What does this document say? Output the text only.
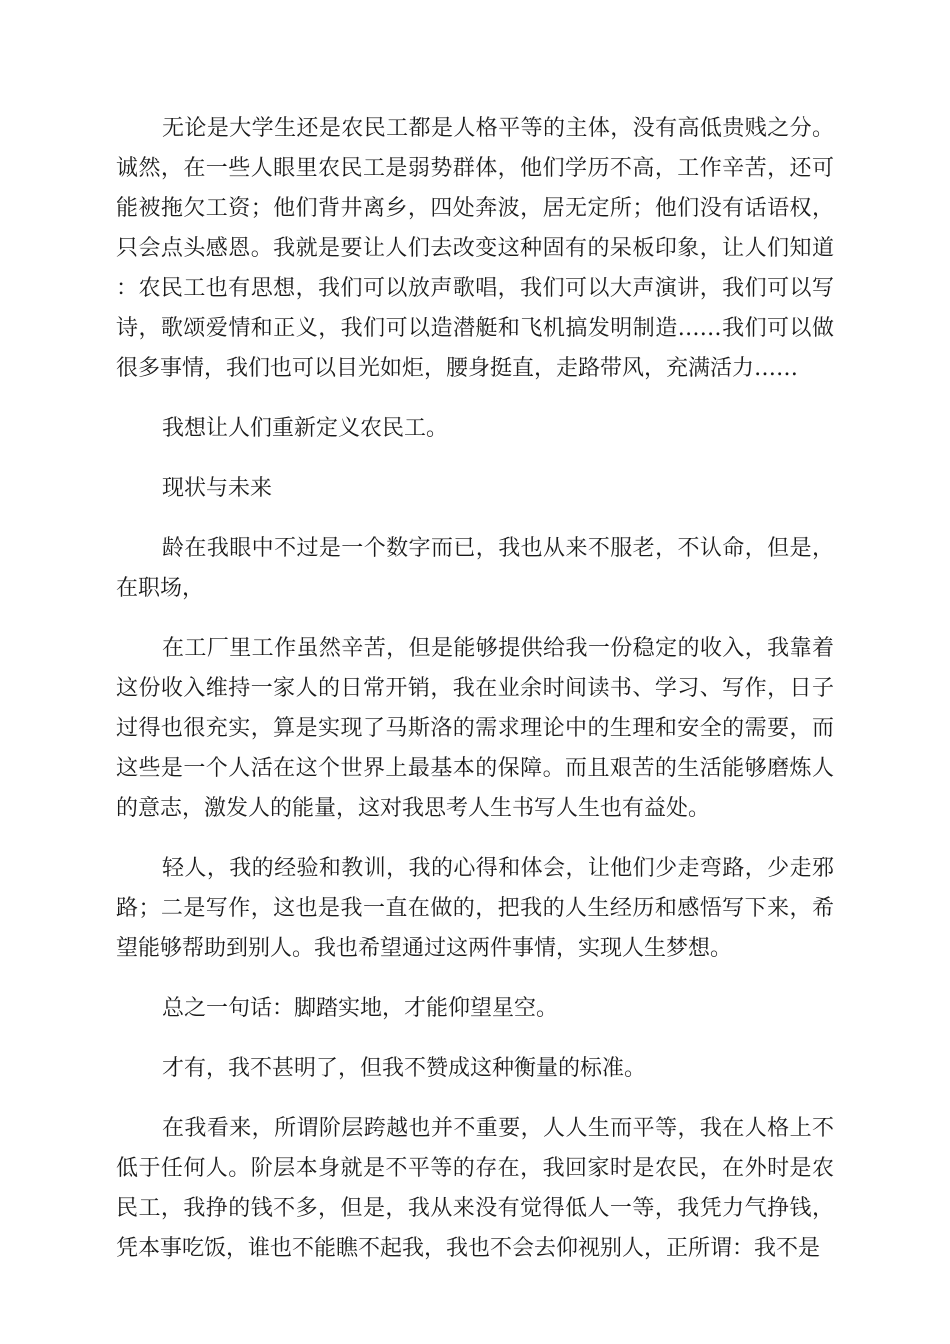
无论是大学生还是农民工都是人格平等的主体，没有高低贵贱之分。诚然，在一些人眼里农民工是弱势群体，他们学历不高，工作辛苦，还可能被拖欠工资；他们背井离乡，四处奔波，居无定所；他们没有话语权，只会点头感恩。我就是要让人们去改变这种固有的呆板印象，让人们知道：农民工也有思想，我们可以放声歌唱，我们可以大声演讲，我们可以写诗，歌颂爱情和正义，我们可以造潜艇和飞机搞发明制造……我们可以做很多事情，我们也可以目光如炬，腰身挺直，走路带风，充满活力……

我想让人们重新定义农民工。

现状与未来

龄在我眼中不过是一个数字而已，我也从来不服老，不认命，但是，在职场，

在工厂里工作虽然辛苦，但是能够提供给我一份稳定的收入，我靠着这份收入维持一家人的日常开销，我在业余时间读书、学习、写作，日子过得也很充实，算是实现了马斯洛的需求理论中的生理和安全的需要，而这些是一个人活在这个世界上最基本的保障。而且艰苦的生活能够磨炼人的意志，激发人的能量，这对我思考人生书写人生也有益处。

轻人，我的经验和教训，我的心得和体会，让他们少走弯路，少走邪路；二是写作，这也是我一直在做的，把我的人生经历和感悟写下来，希望能够帮助到别人。我也希望通过这两件事情，实现人生梦想。

总之一句话：脚踏实地，才能仰望星空。

才有，我不甚明了，但我不赞成这种衡量的标准。

在我看来，所谓阶层跨越也并不重要，人人生而平等，我在人格上不低于任何人。阶层本身就是不平等的存在，我回家时是农民，在外时是农民工，我挣的钱不多，但是，我从来没有觉得低人一等，我凭力气挣钱，凭本事吃饭，谁也不能瞧不起我，我也不会去仰视别人，正所谓：我不是
